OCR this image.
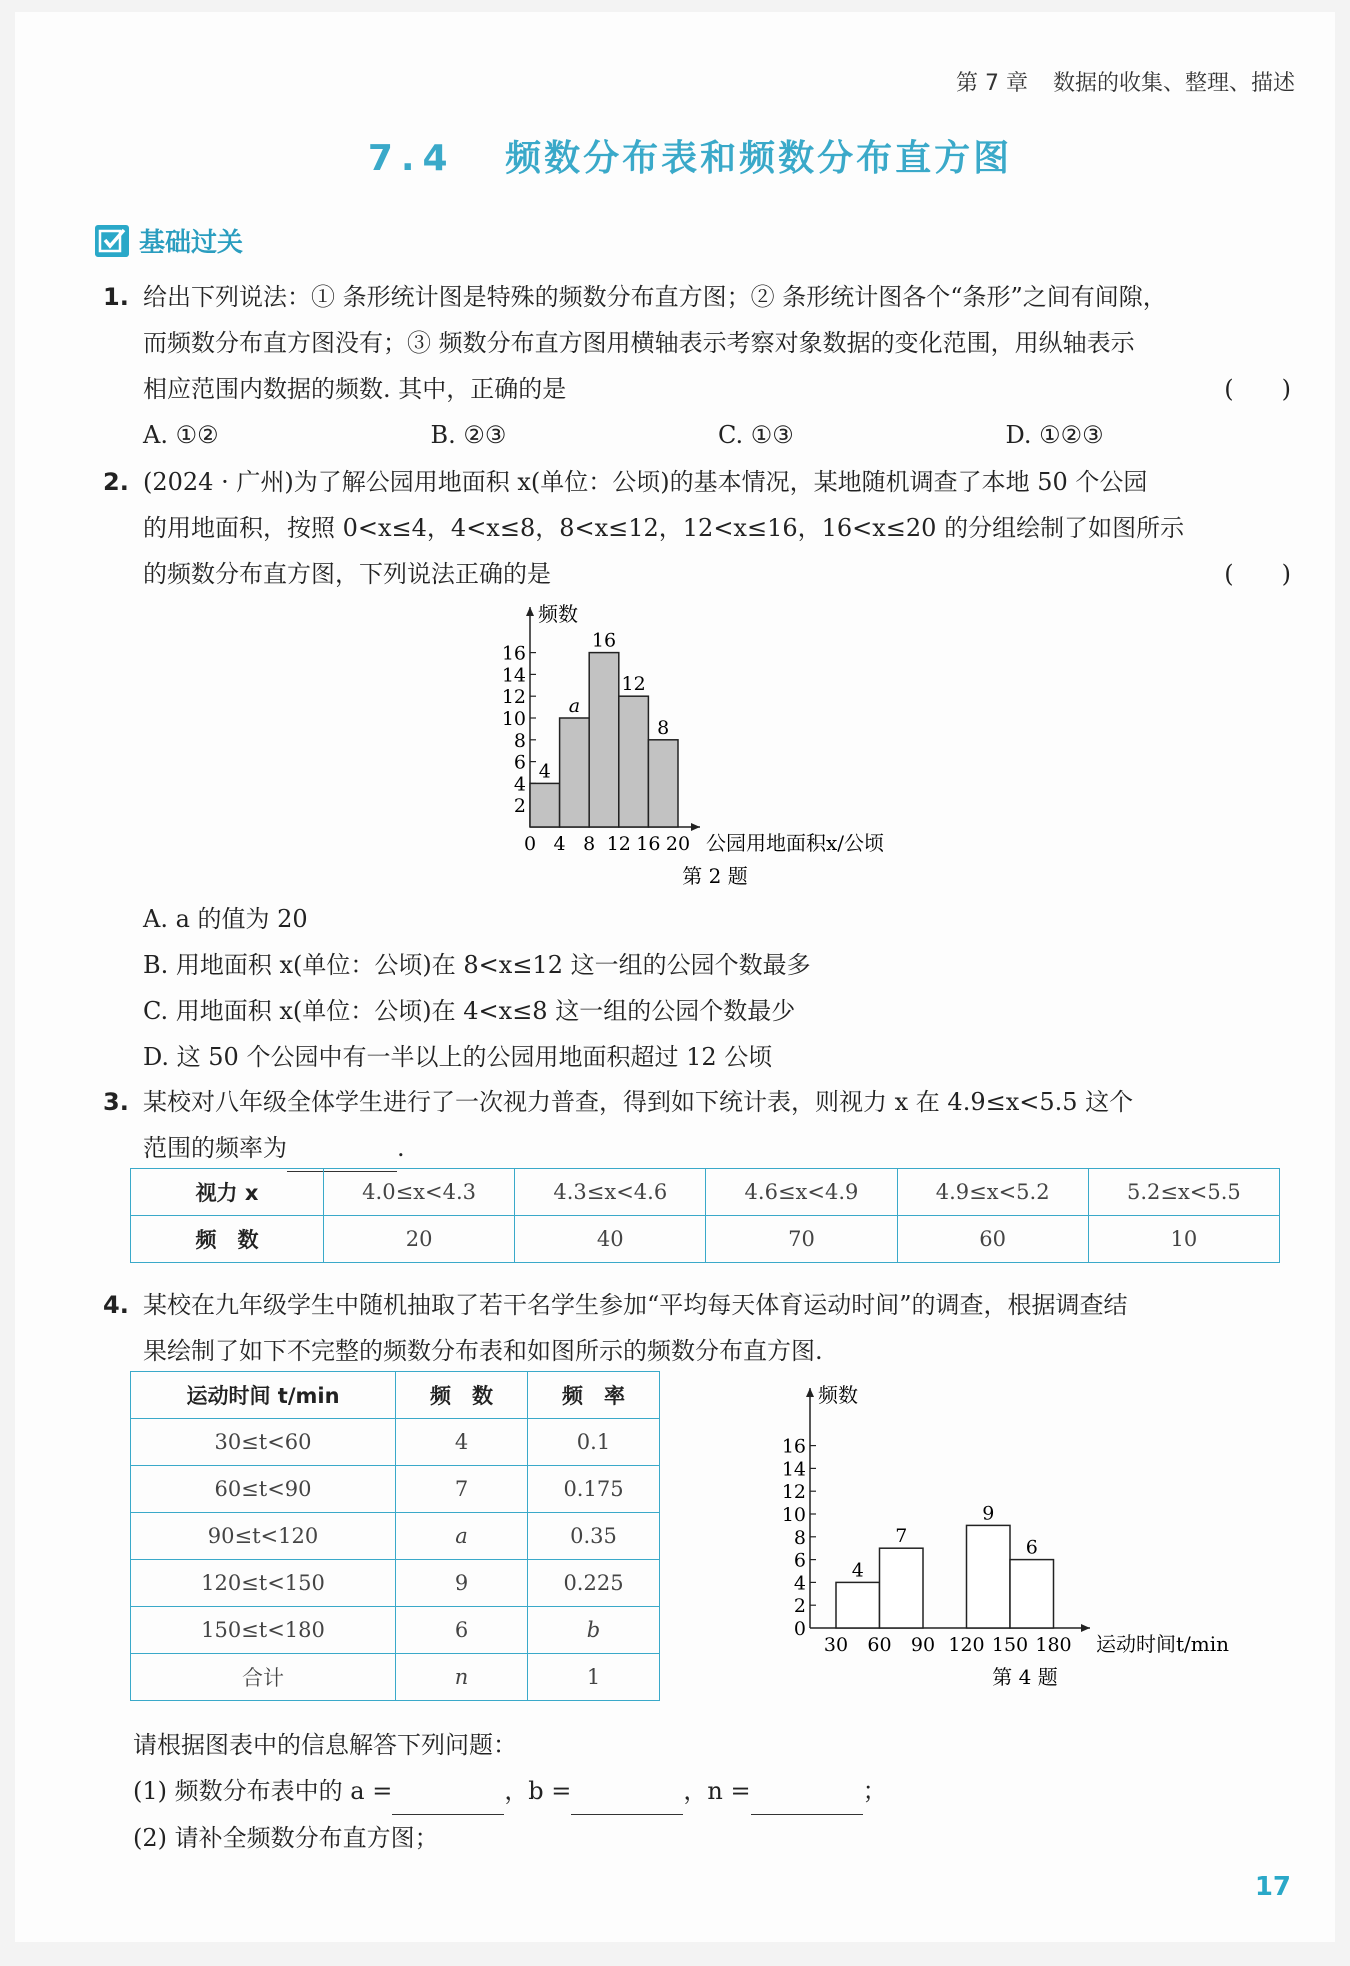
第 7 章 数据的收集、整理、描述
7.4 频数分布表和频数分布直方图
基础过关
1. 给出下列说法：① 条形统计图是特殊的频数分布直方图；② 条形统计图各个“条形”之间有间隙，
而频数分布直方图没有；③ 频数分布直方图用横轴表示考察对象数据的变化范围，用纵轴表示
相应范围内数据的频数. 其中，正确的是	(　　)
A. ①②	B. ②③	C. ①③	D. ①②③
2. (2024 · 广州)为了解公园用地面积 x(单位：公顷)的基本情况，某地随机调查了本地 50 个公园
的用地面积，按照 0<x≤4，4<x≤8，8<x≤12，12<x≤16，16<x≤20 的分组绘制了如图所示
的频数分布直方图，下列说法正确的是	(　　)
2
4
6
8
10
12
14
16
4
a
16
12
8
0 4 8 12 16 20
频数
公园用地面积x/公顷
第 2 题
A. a 的值为 20
B. 用地面积 x(单位：公顷)在 8<x≤12 这一组的公园个数最多
C. 用地面积 x(单位：公顷)在 4<x≤8 这一组的公园个数最少
D. 这 50 个公园中有一半以上的公园用地面积超过 12 公顷
3. 某校对八年级全体学生进行了一次视力普查，得到如下统计表，则视力 x 在 4.9≤x<5.5 这个
范围的频率为	.
视力 x	4.0≤x<4.3	4.3≤x<4.6	4.6≤x<4.9	4.9≤x<5.2	5.2≤x<5.5
频　数	20	40	70	60	10
4. 某校在九年级学生中随机抽取了若干名学生参加“平均每天体育运动时间”的调查，根据调查结
果绘制了如下不完整的频数分布表和如图所示的频数分布直方图.
运动时间 t/min	频　数	频　率
30≤t<60	4	0.1
60≤t<90	7	0.175
90≤t<120	a	0.35
120≤t<150	9	0.225
150≤t<180	6	b
合计	n	1
0
2
4
6
8
10
12
14
16
4
7
9
6
30 60 90 120 150 180
频数
运动时间t/min
第 4 题
请根据图表中的信息解答下列问题：
(1) 频数分布表中的 a =	，b =	，n =	；
(2) 请补全频数分布直方图；
17
